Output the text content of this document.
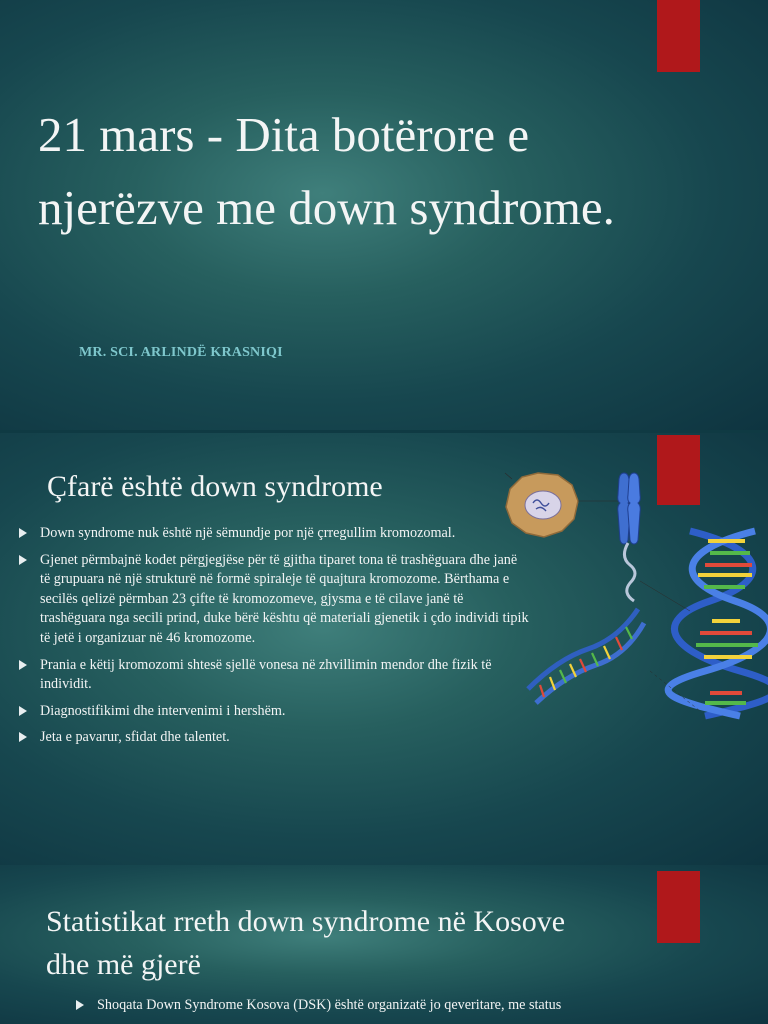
21 mars - Dita botërore e njerëzve me down syndrome.

MR. SCI. ARLINDË KRASNIQI

Çfarë është down syndrome
Down syndrome nuk është një sëmundje por një çrregullim kromozomal.
Gjenet përmbajnë kodet përgjegjëse për të gjitha tiparet tona të trashëguara dhe janë të grupuara në një strukturë në formë spiraleje të quajtura kromozome. Bërthama e secilës qelizë përmban 23 çifte të kromozomeve, gjysma e të cilave janë të trashëguara nga secili prind, duke bërë kështu që materiali gjenetik i çdo individi tipik të jetë i organizuar në 46 kromozome.
Prania e këtij kromozomi shtesë sjellë vonesa në zhvillimin mendor dhe fizik të individit.
Diagnostifikimi dhe intervenimi i hershëm.
Jeta e pavarur, sfidat dhe talentet.
Statistikat rreth down syndrome në Kosove dhe më gjerë
Shoqata Down Syndrome Kosova (DSK) është organizatë jo qeveritare, me status
